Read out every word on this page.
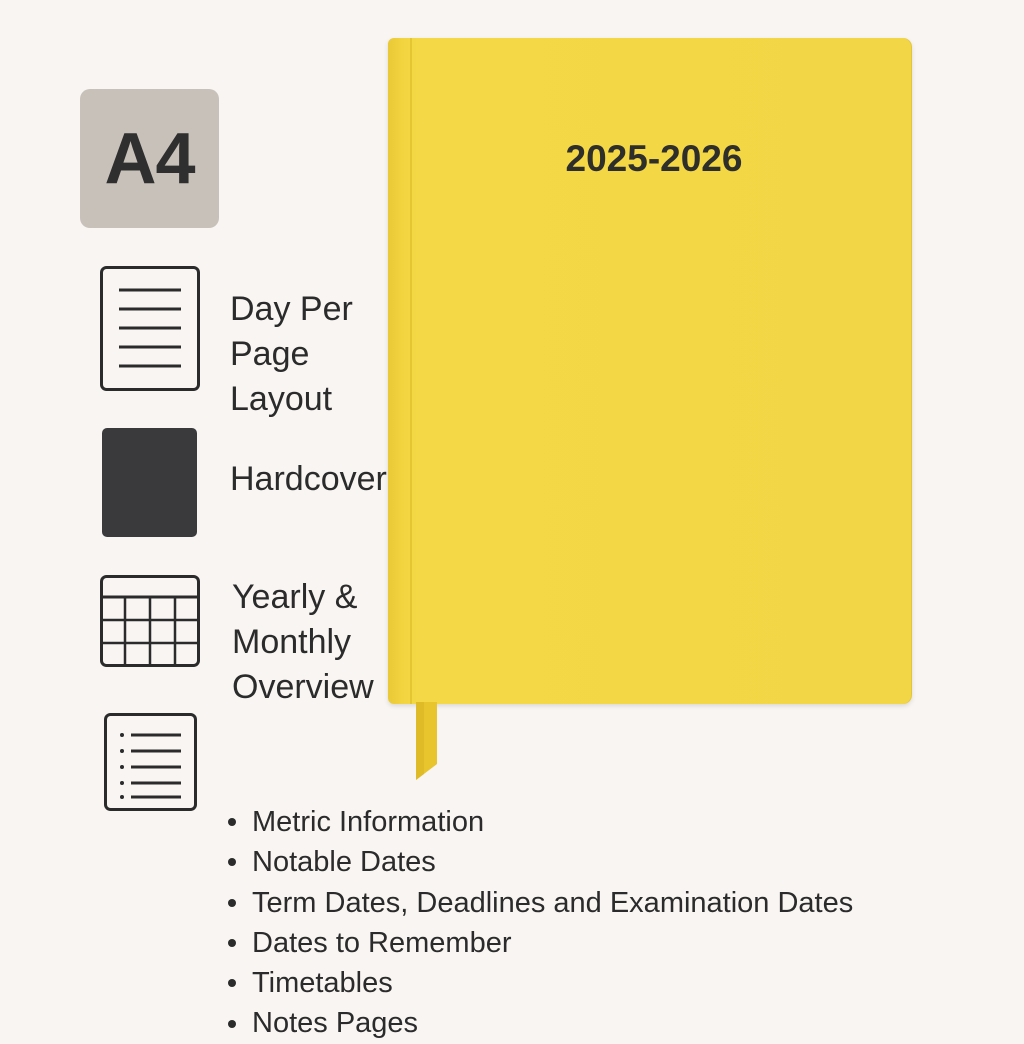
A4

Day Per Page Layout

Hardcover

Yearly & Monthly Overview

2025-2026
Metric Information
Notable Dates
Term Dates, Deadlines and Examination Dates
Dates to Remember
Timetables
Notes Pages
